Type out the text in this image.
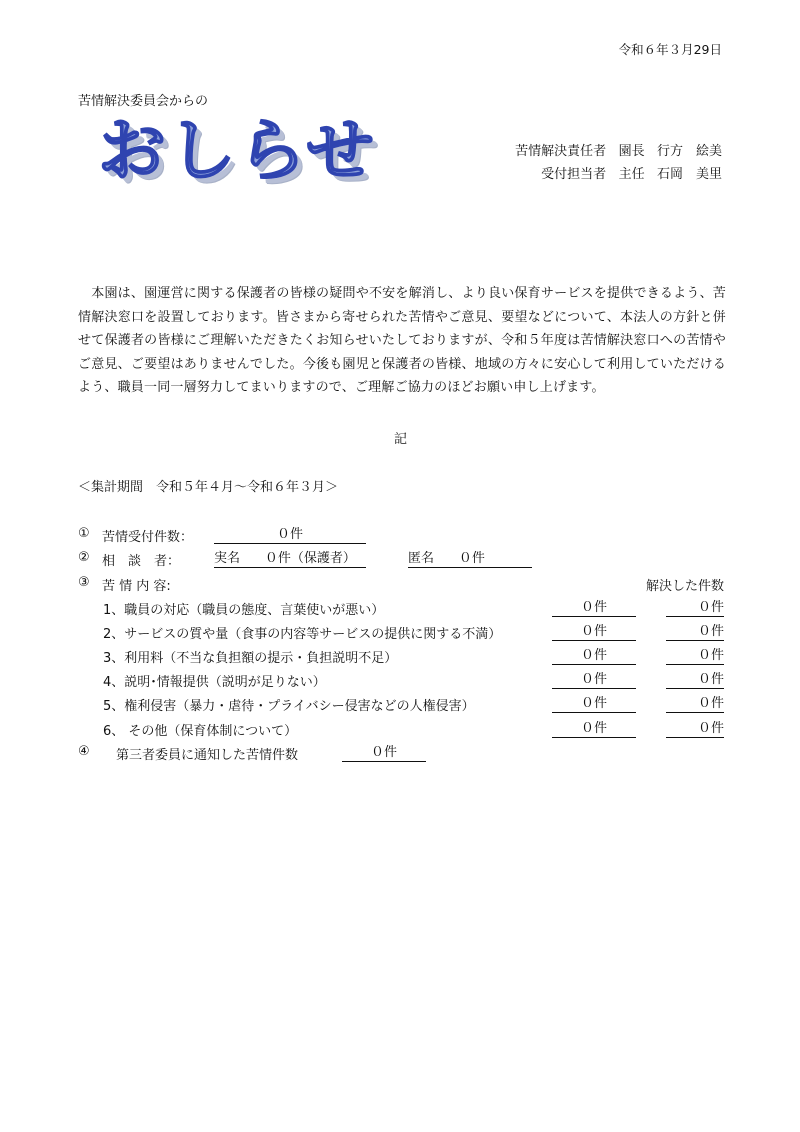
令和６年３月29日
苦情解決委員会からの
おしらせ	苦情解決責任者 園長 行方　絵美
受付担当者 主任 石岡　美里
　本園は、園運営に関する保護者の皆様の疑問や不安を解消し、より良い保育サービスを提供できるよう、苦情解決窓口を設置しております。皆さまから寄せられた苦情やご意見、要望などについて、本法人の方針と併せて保護者の皆様にご理解いただきたくお知らせいたしておりますが、令和５年度は苦情解決窓口への苦情やご意見、ご要望はありませんでした。今後も園児と保護者の皆様、地域の方々に安心して利用していただけるよう、職員一同一層努力してまいりますので、ご理解ご協力のほどお願い申し上げます。
記
＜集計期間　令和５年４月～令和６年３月＞
① 苦情受付件数：	０件
② 相　談　者：	実名 ０件（保護者）	匿名 ０件
③ 苦 情 内 容:	解決した件数
1、職員の対応（職員の態度、言葉使いが悪い）	０件	０件
2、サービスの質や量（食事の内容等サービスの提供に関する不満）	０件	０件
3、利用料（不当な負担額の提示・負担説明不足）	０件	０件
4、説明･情報提供（説明が足りない）	０件	０件
5、権利侵害（暴力・虐待・プライバシー侵害などの人権侵害）	０件	０件
6、 その他（保育体制について）	０件	０件
④ 第三者委員に通知した苦情件数	０件
